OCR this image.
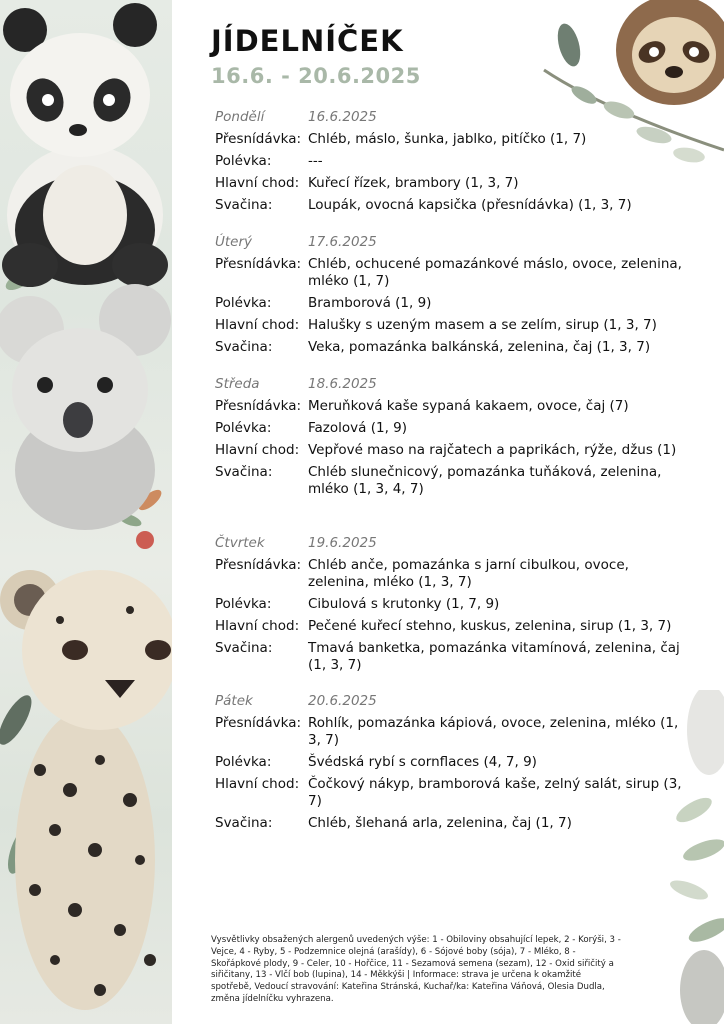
JÍDELNÍČEK
16.6. - 20.6.2025
Pondělí	16.6.2025
Přesnídávka: Chléb, máslo, šunka, jablko, pitíčko (1, 7)
Polévka:	---
Hlavní chod: Kuřecí řízek, brambory (1, 3, 7)
Svačina:	Loupák, ovocná kapsička (přesnídávka) (1, 3, 7)
Úterý	17.6.2025
Přesnídávka: Chléb, ochucené pomazánkové máslo, ovoce, zelenina, mléko (1, 7)
Polévka:	Bramborová (1, 9)
Hlavní chod: Halušky s uzeným masem a se zelím, sirup (1, 3, 7)
Svačina:	Veka, pomazánka balkánská, zelenina, čaj (1, 3, 7)
Středa	18.6.2025
Přesnídávka: Meruňková kaše sypaná kakaem, ovoce, čaj (7)
Polévka:	Fazolová (1, 9)
Hlavní chod: Vepřové maso na rajčatech a paprikách, rýže, džus (1)
Svačina:	Chléb slunečnicový, pomazánka tuňáková, zelenina, mléko (1, 3, 4, 7)
Čtvrtek	19.6.2025
Přesnídávka: Chléb anče, pomazánka s jarní cibulkou, ovoce, zelenina, mléko (1, 3, 7)
Polévka:	Cibulová s krutonky (1, 7, 9)
Hlavní chod: Pečené kuřecí stehno, kuskus, zelenina, sirup (1, 3, 7)
Svačina:	Tmavá banketka, pomazánka vitamínová, zelenina, čaj (1, 3, 7)
Pátek	20.6.2025
Přesnídávka: Rohlík, pomazánka kápiová, ovoce, zelenina, mléko (1, 3, 7)
Polévka:	Švédská rybí s cornflaces (4, 7, 9)
Hlavní chod: Čočkový nákyp, bramborová kaše, zelný salát, sirup (3, 7)
Svačina:	Chléb, šlehaná arla, zelenina, čaj (1, 7)
Vysvětlivky obsažených alergenů uvedených výše: 1 - Obiloviny obsahující lepek, 2 - Korýši, 3 - Vejce, 4 - Ryby, 5 - Podzemnice olejná (arašídy), 6 - Sójové boby (sója), 7 - Mléko, 8 - Skořápkové plody, 9 - Celer, 10 - Hořčice, 11 - Sezamová semena (sezam), 12 - Oxid siřičitý a siřičitany, 13 - Vlčí bob (lupina), 14 - Měkkýši | Informace: strava je určena k okamžité spotřebě, Vedoucí stravování: Kateřina Stránská, Kuchař/ka: Kateřina Váňová, Olesia Dudla, změna jídelníčku vyhrazena.
